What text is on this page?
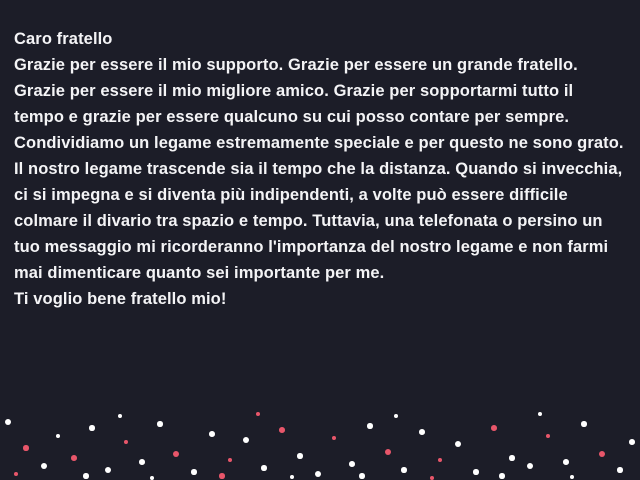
Caro fratello

Grazie per essere il mio supporto. Grazie per essere un grande fratello. Grazie per essere il mio migliore amico. Grazie per sopportarmi tutto il tempo e grazie per essere qualcuno su cui posso contare per sempre.

Condividiamo un legame estremamente speciale e per questo ne sono grato. Il nostro legame trascende sia il tempo che la distanza. Quando si invecchia, ci si impegna e si diventa più indipendenti, a volte può essere difficile colmare il divario tra spazio e tempo. Tuttavia, una telefonata o persino un tuo messaggio mi ricorderanno l'importanza del nostro legame e non farmi mai dimenticare quanto sei importante per me.

Ti voglio bene fratello mio!
